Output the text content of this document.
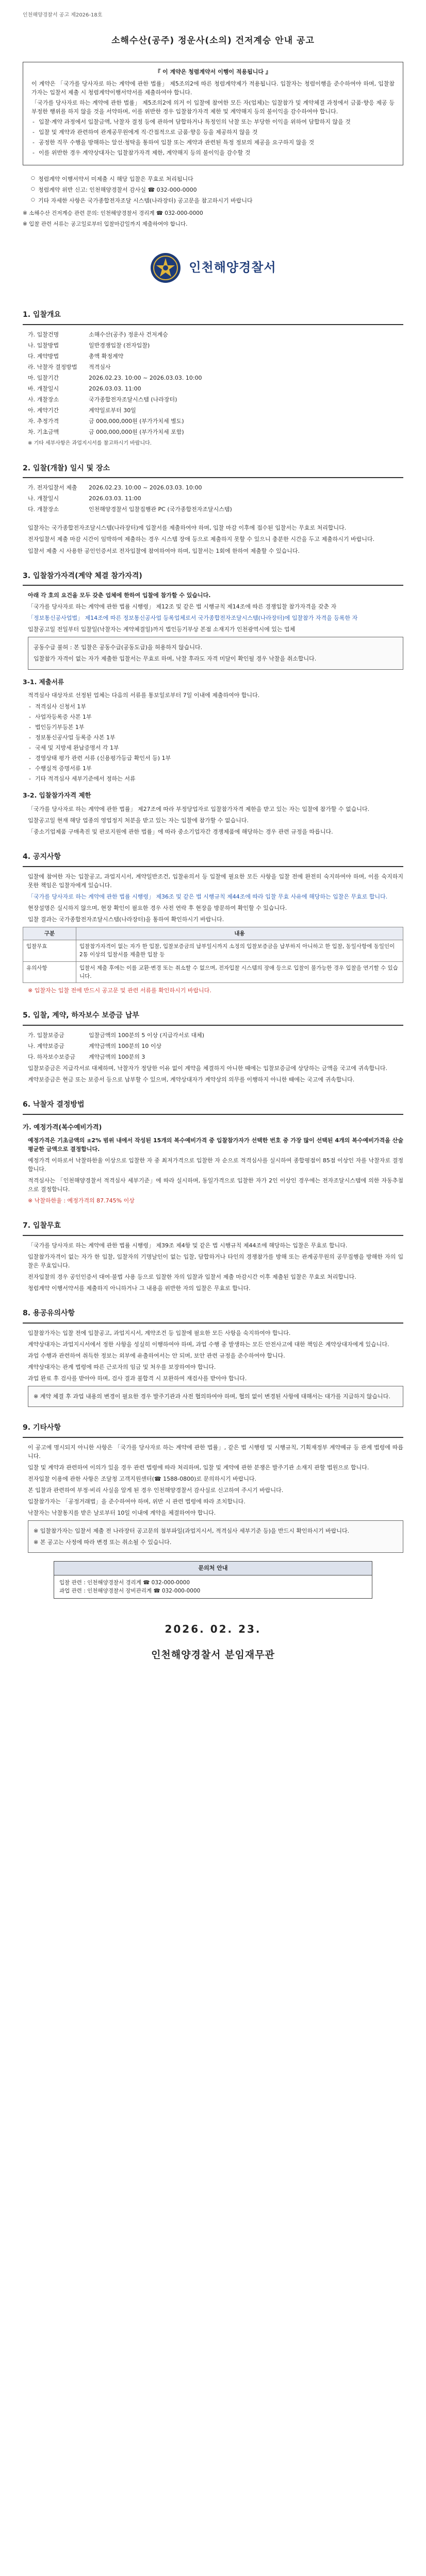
인천해양경찰서 공고 제2026-18호
소해수산(공주) 정운사(소의) 건저계승 안내 공고
『 이 계약은 청렴계약서 이행이 적용됩니다 』

이 계약은 「국가를 당사자로 하는 계약에 관한 법률」 제5조의2에 따른 청렴계약제가 적용됩니다. 입찰자는 청렴이행을 준수하여야 하며, 입찰참가자는 입찰서 제출 시 청렴계약이행서약서를 제출하여야 합니다.

「국가를 당사자로 하는 계약에 관한 법률」 제5조의2에 의거 이 입찰에 참여한 모든 자(업체)는 입찰참가 및 계약체결 과정에서 금품·향응 제공 등 부정한 행위를 하지 않을 것을 서약하며, 이를 위반한 경우 입찰참가자격 제한 및 계약해지 등의 불이익을 감수하여야 합니다.

- 입찰·계약 과정에서 입찰금액, 낙찰자 결정 등에 관하여 담합하거나 특정인의 낙찰 또는 부당한 이익을 위하여 담합하지 않을 것
- 입찰 및 계약과 관련하여 관계공무원에게 직·간접적으로 금품·향응 등을 제공하지 않을 것
- 공정한 직무 수행을 방해하는 알선·청탁을 통하여 입찰 또는 계약과 관련된 특정 정보의 제공을 요구하지 않을 것
- 이를 위반한 경우 계약상대자는 입찰참가자격 제한, 계약해지 등의 불이익을 감수할 것
○ 청렴계약 이행서약서 미제출 시 해당 입찰은 무효로 처리됩니다
○ 청렴계약 위반 신고: 인천해양경찰서 감사실 ☎ 032-000-0000
○ 기타 자세한 사항은 국가종합전자조달 시스템(나라장터) 공고문을 참고하시기 바랍니다
※ 소해수산 건저계승 관련 문의: 인천해양경찰서 경리계 ☎ 032-000-0000
※ 입찰 관련 서류는 공고일로부터 입찰마감일까지 제출하여야 합니다.
인천해양경찰서
1. 입찰개요
가. 입찰건명	소해수산(공주) 정운사 건저계승
나. 입찰방법	일반경쟁입찰 (전자입찰)
다. 계약방법	총액 확정계약
라. 낙찰자 결정방법 적격심사
마. 입찰기간	2026.02.23. 10:00 ~ 2026.03.03. 10:00
바. 개찰일시	2026.03.03. 11:00
사. 개찰장소	국가종합전자조달시스템 (나라장터)
아. 계약기간	계약일로부터 30일
자. 추정가격	금 000,000,000원 (부가가치세 별도)
차. 기초금액	금 000,000,000원 (부가가치세 포함)
※ 기타 세부사항은 과업지시서를 참고하시기 바랍니다.
2. 입찰(개찰) 일시 및 장소
가. 전자입찰서 제출 2026.02.23. 10:00 ~ 2026.03.03. 10:00
나. 개찰일시	2026.03.03. 11:00
다. 개찰장소	인천해양경찰서 입찰집행관 PC (국가종합전자조달시스템)
입찰자는 국가종합전자조달시스템(나라장터)에 입찰서를 제출하여야 하며, 입찰 마감 이후에 접수된 입찰서는 무효로 처리합니다.
전자입찰서 제출 마감 시간이 임박하여 제출하는 경우 시스템 장애 등으로 제출하지 못할 수 있으니 충분한 시간을 두고 제출하시기 바랍니다.
입찰서 제출 시 사용한 공인인증서로 전자입찰에 참여하여야 하며, 입찰서는 1회에 한하여 제출할 수 있습니다.
3. 입찰참가자격(계약 체결 참가자격)
아래 각 호의 요건을 모두 갖춘 업체에 한하여 입찰에 참가할 수 있습니다.
「국가를 당사자로 하는 계약에 관한 법률 시행령」 제12조 및 같은 법 시행규칙 제14조에 따른 경쟁입찰 참가자격을 갖춘 자
「정보통신공사업법」 제14조에 따른 정보통신공사업 등록업체로서 국가종합전자조달시스템(나라장터)에 입찰참가 자격을 등록한 자
입찰공고일 전일부터 입찰일(낙찰자는 계약체결일)까지 법인등기부상 본점 소재지가 인천광역시에 있는 업체
공동수급 불허 : 본 입찰은 공동수급(공동도급)을 허용하지 않습니다.
입찰참가 자격이 없는 자가 제출한 입찰서는 무효로 하며, 낙찰 후라도 자격 미달이 확인될 경우 낙찰을 취소합니다.
3-1. 제출서류
적격심사 대상자로 선정된 업체는 다음의 서류를 통보일로부터 7일 이내에 제출하여야 합니다.
- 적격심사 신청서 1부
- 사업자등록증 사본 1부
- 법인등기부등본 1부
- 정보통신공사업 등록증 사본 1부
- 국세 및 지방세 완납증명서 각 1부
- 경영상태 평가 관련 서류 (신용평가등급 확인서 등) 1부
- 수행실적 증명서류 1부
- 기타 적격심사 세부기준에서 정하는 서류
3-2. 입찰참가자격 제한
「국가를 당사자로 하는 계약에 관한 법률」 제27조에 따라 부정당업자로 입찰참가자격 제한을 받고 있는 자는 입찰에 참가할 수 없습니다.
입찰공고일 현재 해당 업종의 영업정지 처분을 받고 있는 자는 입찰에 참가할 수 없습니다.
「중소기업제품 구매촉진 및 판로지원에 관한 법률」에 따라 중소기업자간 경쟁제품에 해당하는 경우 관련 규정을 따릅니다.
4. 공지사항
입찰에 참여한 자는 입찰공고, 과업지시서, 계약일반조건, 입찰유의서 등 입찰에 필요한 모든 사항을 입찰 전에 완전히 숙지하여야 하며, 이를 숙지하지 못한 책임은 입찰자에게 있습니다.
「국가를 당사자로 하는 계약에 관한 법률 시행령」 제36조 및 같은 법 시행규칙 제44조에 따라 입찰 무효 사유에 해당하는 입찰은 무효로 합니다.
현장설명은 실시하지 않으며, 현장 확인이 필요한 경우 사전 연락 후 현장을 방문하여 확인할 수 있습니다.
입찰 결과는 국가종합전자조달시스템(나라장터)을 통하여 확인하시기 바랍니다.
구분	내용
입찰무효	입찰참가자격이 없는 자가 한 입찰, 입찰보증금의 납부일시까지 소정의 입찰보증금을 납부하지 아니하고 한 입찰, 동일사항에 동일인이 2통 이상의 입찰서를 제출한 입찰 등
유의사항	입찰서 제출 후에는 이를 교환·변경 또는 취소할 수 없으며, 전자입찰 시스템의 장애 등으로 입찰이 불가능한 경우 입찰을 연기할 수 있습니다.
※ 입찰자는 입찰 전에 반드시 공고문 및 관련 서류를 확인하시기 바랍니다.
5. 입찰, 계약, 하자보수 보증금 납부
가. 입찰보증금	입찰금액의 100분의 5 이상 (지급각서로 대체)
나. 계약보증금	계약금액의 100분의 10 이상
다. 하자보수보증금 계약금액의 100분의 3
입찰보증금은 지급각서로 대체하며, 낙찰자가 정당한 이유 없이 계약을 체결하지 아니한 때에는 입찰보증금에 상당하는 금액을 국고에 귀속합니다.
계약보증금은 현금 또는 보증서 등으로 납부할 수 있으며, 계약상대자가 계약상의 의무를 이행하지 아니한 때에는 국고에 귀속합니다.
6. 낙찰자 결정방법
가. 예정가격(복수예비가격)
예정가격은 기초금액의 ±2% 범위 내에서 작성된 15개의 복수예비가격 중 입찰참가자가 선택한 번호 중 가장 많이 선택된 4개의 복수예비가격을 산술평균한 금액으로 결정합니다.
예정가격 이하로서 낙찰하한율 이상으로 입찰한 자 중 최저가격으로 입찰한 자 순으로 적격심사를 실시하여 종합평점이 85점 이상인 자를 낙찰자로 결정합니다.
적격심사는 「인천해양경찰서 적격심사 세부기준」에 따라 실시하며, 동일가격으로 입찰한 자가 2인 이상인 경우에는 전자조달시스템에 의한 자동추첨으로 결정합니다.
※ 낙찰하한율 : 예정가격의 87.745% 이상
7. 입찰무효
「국가를 당사자로 하는 계약에 관한 법률 시행령」 제39조 제4항 및 같은 법 시행규칙 제44조에 해당하는 입찰은 무효로 합니다.
입찰참가자격이 없는 자가 한 입찰, 입찰자의 기명날인이 없는 입찰, 담합하거나 타인의 경쟁참가를 방해 또는 관계공무원의 공무집행을 방해한 자의 입찰은 무효입니다.
전자입찰의 경우 공인인증서 대여·불법 사용 등으로 입찰한 자의 입찰과 입찰서 제출 마감시간 이후 제출된 입찰은 무효로 처리합니다.
청렴계약 이행서약서를 제출하지 아니하거나 그 내용을 위반한 자의 입찰은 무효로 합니다.
8. 용공유의사항
입찰참가자는 입찰 전에 입찰공고, 과업지시서, 계약조건 등 입찰에 필요한 모든 사항을 숙지하여야 합니다.
계약상대자는 과업지시서에서 정한 사항을 성실히 이행하여야 하며, 과업 수행 중 발생하는 모든 안전사고에 대한 책임은 계약상대자에게 있습니다.
과업 수행과 관련하여 취득한 정보는 외부에 유출하여서는 안 되며, 보안 관련 규정을 준수하여야 합니다.
계약상대자는 관계 법령에 따른 근로자의 임금 및 처우를 보장하여야 합니다.
과업 완료 후 검사를 받아야 하며, 검사 결과 불합격 시 보완하여 재검사를 받아야 합니다.
※ 계약 체결 후 과업 내용의 변경이 필요한 경우 발주기관과 사전 협의하여야 하며, 협의 없이 변경된 사항에 대해서는 대가를 지급하지 않습니다.
9. 기타사항
이 공고에 명시되지 아니한 사항은 「국가를 당사자로 하는 계약에 관한 법률」, 같은 법 시행령 및 시행규칙, 기획재정부 계약예규 등 관계 법령에 따릅니다.
입찰 및 계약과 관련하여 이의가 있을 경우 관련 법령에 따라 처리하며, 입찰 및 계약에 관한 분쟁은 발주기관 소재지 관할 법원으로 합니다.
전자입찰 이용에 관한 사항은 조달청 고객지원센터(☎ 1588-0800)로 문의하시기 바랍니다.
본 입찰과 관련하여 부정·비리 사실을 알게 된 경우 인천해양경찰서 감사실로 신고하여 주시기 바랍니다.
입찰참가자는 「공정거래법」을 준수하여야 하며, 위반 시 관련 법령에 따라 조치합니다.
낙찰자는 낙찰통지를 받은 날로부터 10일 이내에 계약을 체결하여야 합니다.
※ 입찰참가자는 입찰서 제출 전 나라장터 공고문의 첨부파일(과업지시서, 적격심사 세부기준 등)을 반드시 확인하시기 바랍니다.
※ 본 공고는 사정에 따라 변경 또는 취소될 수 있습니다.
문의처 안내
입찰 관련 : 인천해양경찰서 경리계 ☎ 032-000-0000
과업 관련 : 인천해양경찰서 장비관리계 ☎ 032-000-0000
2026. 02. 23.
인천해양경찰서 분임재무관
